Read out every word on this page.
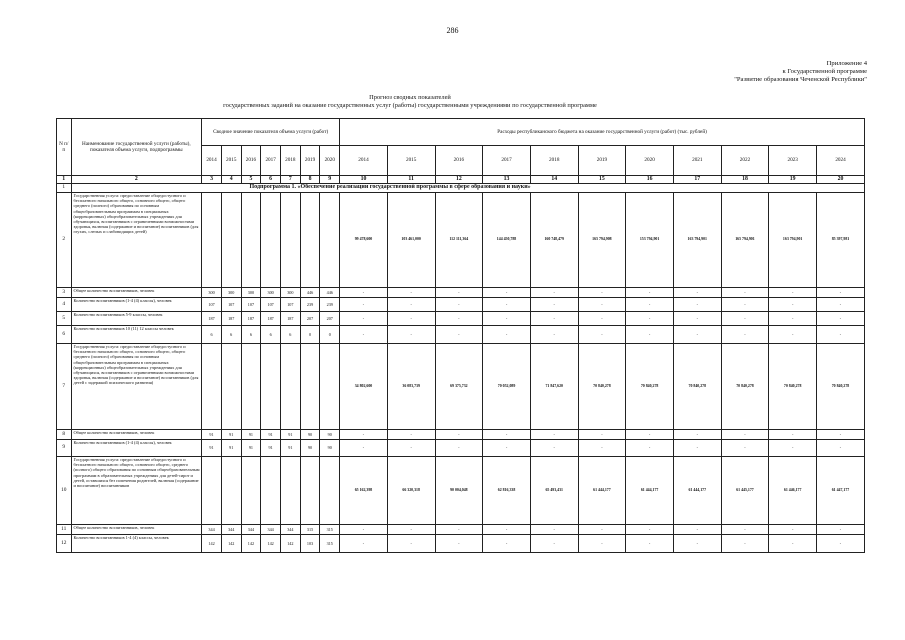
286
Приложение 4
к Государственной программе
"Развитие образования Чеченской Республики"
Прогноз сводных показателей
государственных заданий на оказание государственных услуг (работы) государственными учреждениями по государственной программе
N п/п	Наименование государственной услуги (работы), показателя объема услуги, подпрограммы	Сводное значение показателя объема услуги (работ)							Расходы республиканского бюджета на оказание государственной услуги (работ) (тыс. рублей)										
		2014	2015	2016	2017	2018	2019	2020	2014	2015	2016	2017	2018	2019	2020	2021	2022	2023	2024
1	2	3	4	5	6	7	8	9	10	11	12	13	14	15	16	17	18	19	20
1	Подпрограмма 1. «Обеспечение реализации государственной программы в сфере образования и науки»																		
2	Государственная услуга: предоставление общедоступного и бесплатного начального общего, основного общего, общего среднего (полного) образования по основным общеобразовательным программам в специальных (коррекционных) общеобразовательных учреждениях для обучающихся, воспитанников с ограниченными возможностями здоровья, включая (содержание и воспитание) воспитанников (для глухих, слепых и слабовидящих детей)								99 478,600	103 461,000	112 111,364	144 450,788	160 748,479	165 794,908	153 794,901	163 794,901	165 794,901	163 794,901	85 397,981
3	Общее количество воспитанников, человек	300	300	300	300	300	446	446	-	-	-	-	-	-	-	-	-	-	-
4	Количество воспитанников (1-4 (4) классы), человек	107	107	107	107	107	239	239	-	-	-	-	-	-	-	-	-	-	-
5	Количество воспитанников 5-9 классы, человек	187	187	187	187	187	207	207	-	-	-	-	-	-	-	-	-	-	-
6	Количество воспитанников 10 (11) 12 классы человек	6	6	6	6	6	0	0	-	-	-	-	-	-	-	-	-	-	-
7	Государственная услуга: предоставление общедоступного и бесплатного начального общего, основного общего, общего среднего (полного) образования по основным общеобразовательным программам в специальных (коррекционных) общеобразовательных учреждениях для обучающихся, воспитанников с ограниченными возможностями здоровья, включая (содержание и воспитание) воспитанников (для детей с задержкой психического развития)								34 802,600	36 083,739	69 375,732	70 052,089	71 847,620	70 840,278	70 840,278	70 840,278	70 840,278	70 840,278	70 840,278
8	Общее количество воспитанников, человек	91	91	91	91	91	90	90	-	-	-	-	-	-	-	-	-	-	-
9	Количество воспитанников (1-4 (4) классы), человек	91	91	91	91	91	90	90	-	-	-	-	-	-	-	-	-	-	-
10	Государственная услуга: предоставление общедоступного и бесплатного начального общего, основного общего, среднего (полного) общего образования по основным общеобразовательным программам в образовательных учреждениях для детей-сирот и детей, оставшихся без попечения родителей, включая (содержание и воспитание) воспитанников								65 162,398	66 320,318	90 004,048	62 816,338	65 493,431	61 444,177	61 444,177	61 444,177	61 445,177	61 446,177	61 447,177
11	Общее количество воспитанников, человек	344	344	344	344	344	315	315	-	-	-	-	-	-	-	-	-	-	-
12	Количество воспитанников 1-4 (4) классы, человек	142	142	142	142	142	103	315	-	-	-	-	-	-	-	-	-	-	-
